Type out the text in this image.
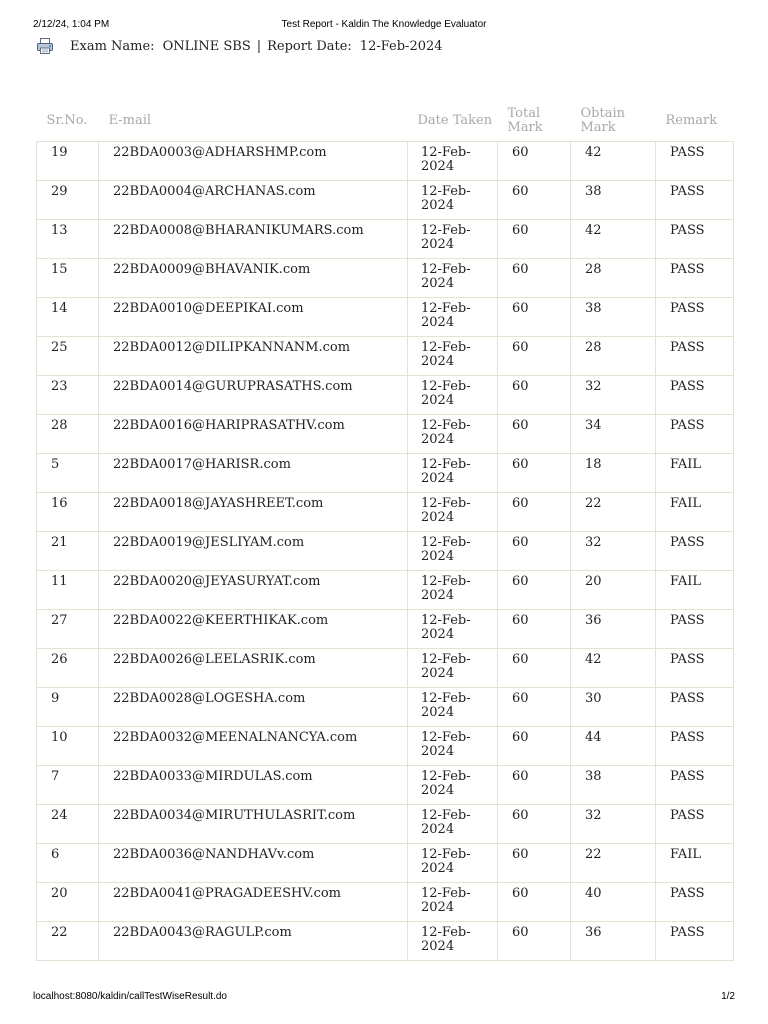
2/12/24, 1:04 PM	Test Report - Kaldin The Knowledge Evaluator
Exam Name: ONLINE SBS | Report Date: 12-Feb-2024
Sr.No.	E-mail	Date Taken	Total
Mark	Obtain
Mark	Remark
19	22BDA0003@ADHARSHMP.com	12-Feb-
2024	60	42	PASS
29	22BDA0004@ARCHANAS.com	12-Feb-
2024	60	38	PASS
13	22BDA0008@BHARANIKUMARS.com	12-Feb-
2024	60	42	PASS
15	22BDA0009@BHAVANIK.com	12-Feb-
2024	60	28	PASS
14	22BDA0010@DEEPIKAI.com	12-Feb-
2024	60	38	PASS
25	22BDA0012@DILIPKANNANM.com	12-Feb-
2024	60	28	PASS
23	22BDA0014@GURUPRASATHS.com	12-Feb-
2024	60	32	PASS
28	22BDA0016@HARIPRASATHV.com	12-Feb-
2024	60	34	PASS
5	22BDA0017@HARISR.com	12-Feb-
2024	60	18	FAIL
16	22BDA0018@JAYASHREET.com	12-Feb-
2024	60	22	FAIL
21	22BDA0019@JESLIYAM.com	12-Feb-
2024	60	32	PASS
11	22BDA0020@JEYASURYAT.com	12-Feb-
2024	60	20	FAIL
27	22BDA0022@KEERTHIKAK.com	12-Feb-
2024	60	36	PASS
26	22BDA0026@LEELASRIK.com	12-Feb-
2024	60	42	PASS
9	22BDA0028@LOGESHA.com	12-Feb-
2024	60	30	PASS
10	22BDA0032@MEENALNANCYA.com	12-Feb-
2024	60	44	PASS
7	22BDA0033@MIRDULAS.com	12-Feb-
2024	60	38	PASS
24	22BDA0034@MIRUTHULASRIT.com	12-Feb-
2024	60	32	PASS
6	22BDA0036@NANDHAVv.com	12-Feb-
2024	60	22	FAIL
20	22BDA0041@PRAGADEESHV.com	12-Feb-
2024	60	40	PASS
22	22BDA0043@RAGULP.com	12-Feb-
2024	60	36	PASS
localhost:8080/kaldin/callTestWiseResult.do	1/2
